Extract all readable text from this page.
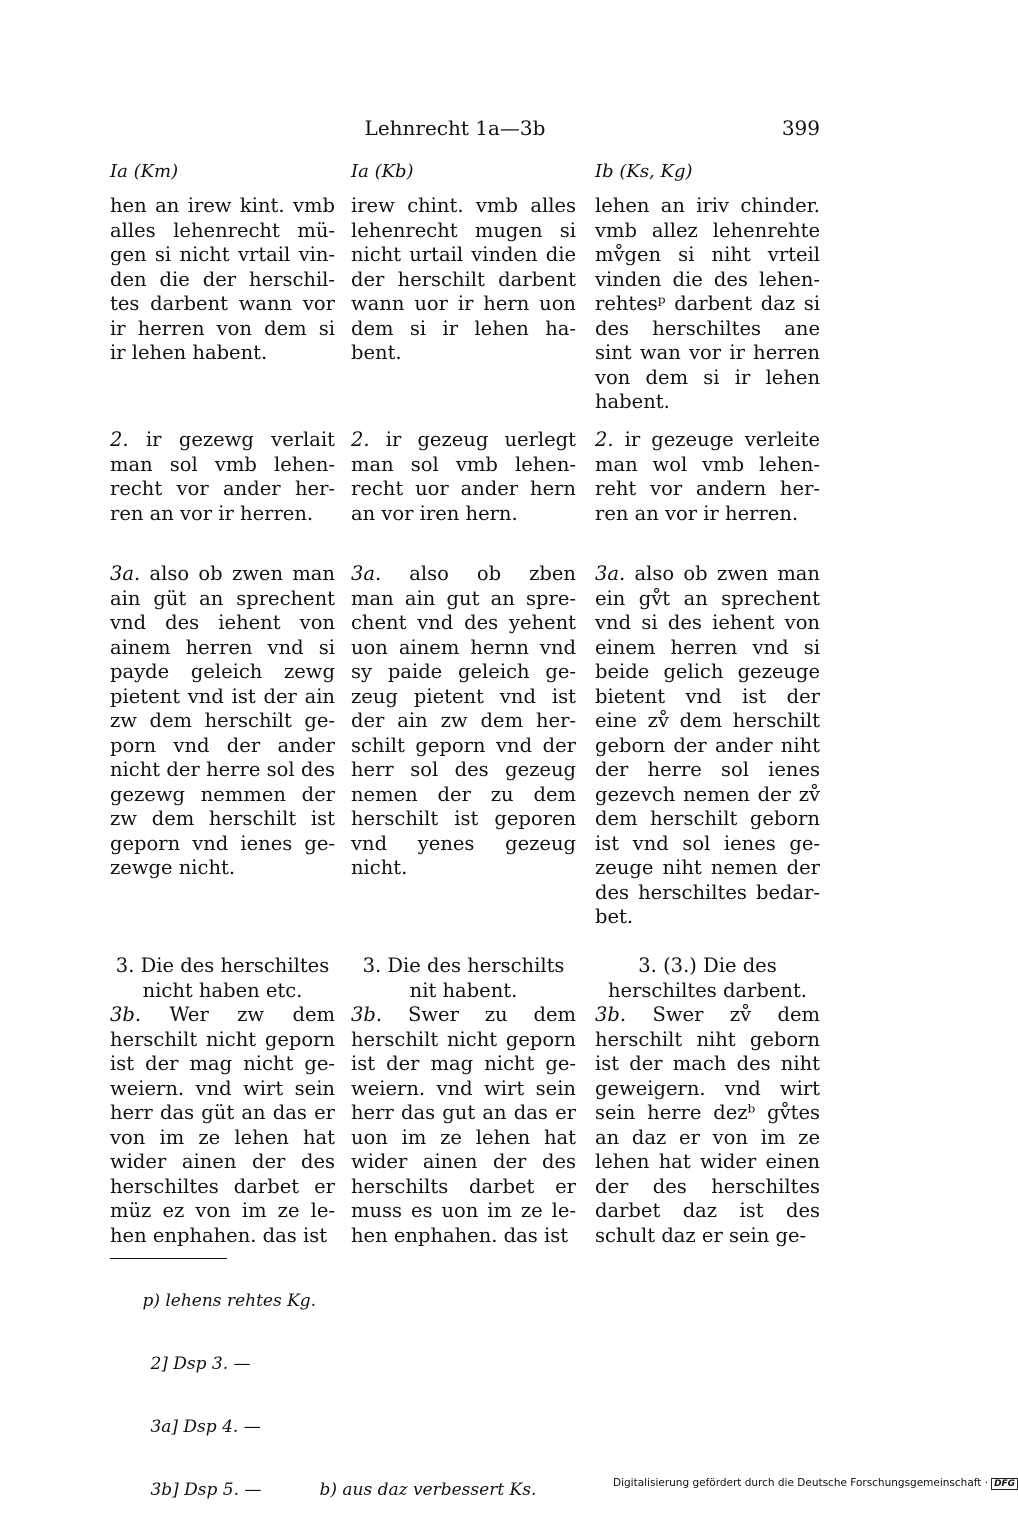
Lehnrecht 1a—3b	399
Ia (Km)
hen an irew kint. vmb
alles lehenrecht mü-
gen si nicht vrtail vin-
den die der herschil-
tes darbent wann vor
ir herren von dem si
ir lehen habent.
2. ir gezewg verlait
man sol vmb lehen-
recht vor ander her-
ren an vor ir herren.
3a. also ob zwen man
ain güt an sprechent
vnd des iehent von
ainem herren vnd si
payde geleich zewg
pietent vnd ist der ain
zw dem herschilt ge-
porn vnd der ander
nicht der herre sol des
gezewg nemmen der
zw dem herschilt ist
geporn vnd ienes ge-
zewge nicht.
3. Die des herschiltes
nicht haben etc.
3b. Wer zw dem
herschilt nicht geporn
ist der mag nicht ge-
weiern. vnd wirt sein
herr das güt an das er
von im ze lehen hat
wider ainen der des
herschiltes darbet er
müz ez von im ze le-
hen enphahen. das ist
Ia (Kb)
irew chint. vmb alles
lehenrecht mugen si
nicht urtail vinden die
der herschilt darbent
wann uor ir hern uon
dem si ir lehen ha-
bent.
2. ir gezeug uerlegt
man sol vmb lehen-
recht uor ander hern
an vor iren hern.
3a. also ob zben
man ain gut an spre-
chent vnd des yehent
uon ainem hernn vnd
sy paide geleich ge-
zeug pietent vnd ist
der ain zw dem her-
schilt geporn vnd der
herr sol des gezeug
nemen der zu dem
herschilt ist geporen
vnd yenes gezeug
nicht.
3. Die des herschilts
nit habent.
3b. Swer zu dem
herschilt nicht geporn
ist der mag nicht ge-
weiern. vnd wirt sein
herr das gut an das er
uon im ze lehen hat
wider ainen der des
herschilts darbet er
muss es uon im ze le-
hen enphahen. das ist
Ib (Ks, Kg)
lehen an iriv chinder.
vmb allez lehenrehte
mv̊gen si niht vrteil
vinden die des lehen-
rehtesᵖ darbent daz si
des herschiltes ane
sint wan vor ir herren
von dem si ir lehen
habent.
2. ir gezeuge verleite
man wol vmb lehen-
reht vor andern her-
ren an vor ir herren.
3a. also ob zwen man
ein gv̊t an sprechent
vnd si des iehent von
einem herren vnd si
beide gelich gezeuge
bietent vnd ist der
eine zv̊ dem herschilt
geborn der ander niht
der herre sol ienes
gezevch nemen der zv̊
dem herschilt geborn
ist vnd sol ienes ge-
zeuge niht nemen der
des herschiltes bedar-
bet.
3. (3.) Die des
herschiltes darbent.
3b. Swer zv̊ dem
herschilt niht geborn
ist der mach des niht
geweigern. vnd wirt
sein herre dezᵇ gv̊tes
an daz er von im ze
lehen hat wider einen
der des herschiltes
darbet daz ist des
schult daz er sein ge-

p) lehens rehtes Kg.

2] Dsp 3. —

3a] Dsp 4. —

3b] Dsp 5. —	b) aus daz verbessert Ks.
	Digitalisierung gefördert durch die Deutsche Forschungsgemeinschaft · DFG
